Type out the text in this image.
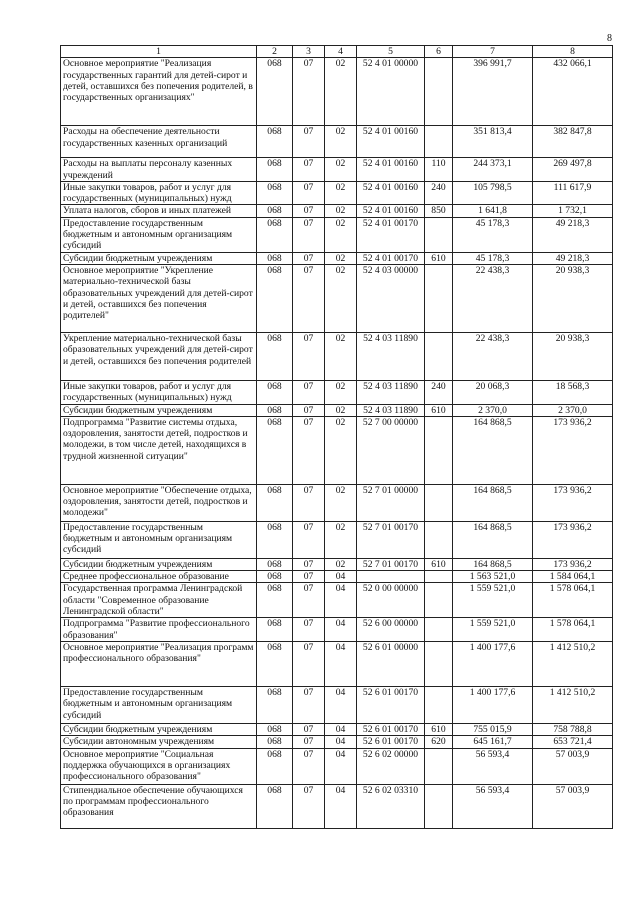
8
1	2	3	4	5	6	7	8
Основное мероприятие "Реализация государственных гарантий для детей-сирот и детей, оставшихся без попечения родителей, в государственных организациях"	068	07	02	52 4 01 00000		396 991,7	432 066,1
Расходы на обеспечение деятельности государственных казенных организаций	068	07	02	52 4 01 00160		351 813,4	382 847,8
Расходы на выплаты персоналу казенных учреждений	068	07	02	52 4 01 00160	110	244 373,1	269 497,8
Иные закупки товаров, работ и услуг для государственных (муниципальных) нужд	068	07	02	52 4 01 00160	240	105 798,5	111 617,9
Уплата налогов, сборов и иных платежей	068	07	02	52 4 01 00160	850	1 641,8	1 732,1
Предоставление государственным бюджетным и автономным организациям субсидий	068	07	02	52 4 01 00170		45 178,3	49 218,3
Субсидии бюджетным учреждениям	068	07	02	52 4 01 00170	610	45 178,3	49 218,3
Основное мероприятие "Укрепление материально-технической базы образовательных учреждений для детей-сирот и детей, оставшихся без попечения родителей"	068	07	02	52 4 03 00000		22 438,3	20 938,3
Укрепление материально-технической базы образовательных учреждений для детей-сирот и детей, оставшихся без попечения родителей	068	07	02	52 4 03 11890		22 438,3	20 938,3
Иные закупки товаров, работ и услуг для государственных (муниципальных) нужд	068	07	02	52 4 03 11890	240	20 068,3	18 568,3
Субсидии бюджетным учреждениям	068	07	02	52 4 03 11890	610	2 370,0	2 370,0
Подпрограмма "Развитие системы отдыха, оздоровления, занятости детей, подростков и молодежи, в том числе детей, находящихся в трудной жизненной ситуации"	068	07	02	52 7 00 00000		164 868,5	173 936,2
Основное мероприятие "Обеспечение отдыха, оздоровления, занятости детей, подростков и молодежи"	068	07	02	52 7 01 00000		164 868,5	173 936,2
Предоставление государственным бюджетным и автономным организациям субсидий	068	07	02	52 7 01 00170		164 868,5	173 936,2
Субсидии бюджетным учреждениям	068	07	02	52 7 01 00170	610	164 868,5	173 936,2
Среднее профессиональное образование	068	07	04			1 563 521,0	1 584 064,1
Государственная программа Ленинградской области "Современное образование Ленинградской области"	068	07	04	52 0 00 00000		1 559 521,0	1 578 064,1
Подпрограмма "Развитие профессионального образования"	068	07	04	52 6 00 00000		1 559 521,0	1 578 064,1
Основное мероприятие "Реализация программ профессионального образования"	068	07	04	52 6 01 00000		1 400 177,6	1 412 510,2
Предоставление государственным бюджетным и автономным организациям субсидий	068	07	04	52 6 01 00170		1 400 177,6	1 412 510,2
Субсидии бюджетным учреждениям	068	07	04	52 6 01 00170	610	755 015,9	758 788,8
Субсидии автономным учреждениям	068	07	04	52 6 01 00170	620	645 161,7	653 721,4
Основное мероприятие "Социальная поддержка обучающихся в организациях профессионального образования"	068	07	04	52 6 02 00000		56 593,4	57 003,9
Стипендиальное обеспечение обучающихся по программам профессионального образования	068	07	04	52 6 02 03310		56 593,4	57 003,9
